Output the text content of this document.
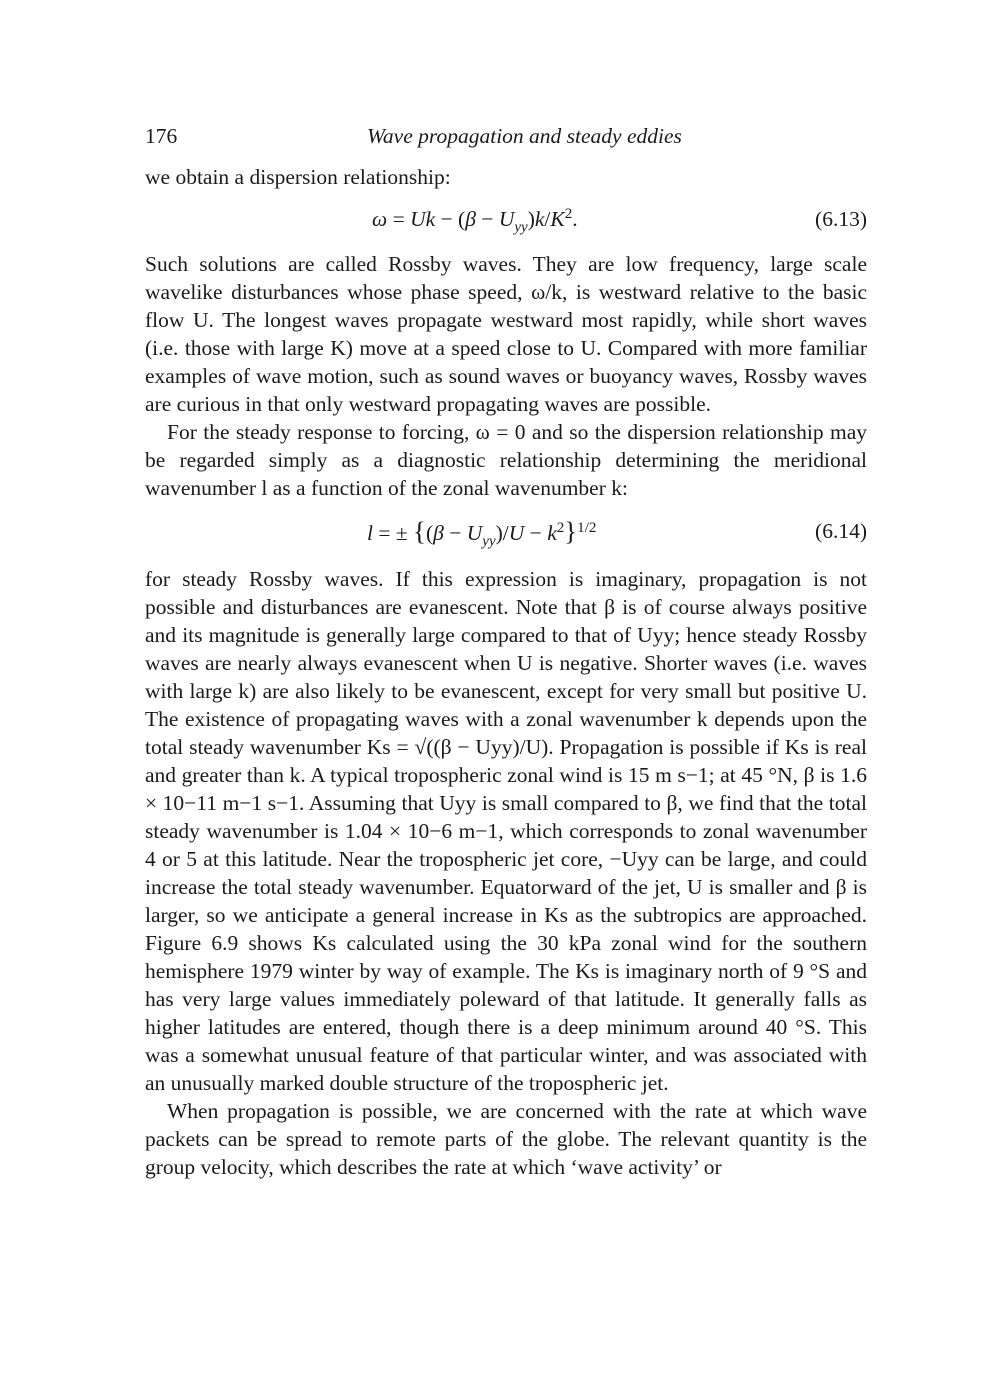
176	Wave propagation and steady eddies

we obtain a dispersion relationship:

$\omega = Uk - (\beta - U_{yy})k/K^2$.	(6.13)

Such solutions are called Rossby waves. They are low frequency, large scale wavelike disturbances whose phase speed, ω/k, is westward relative to the basic flow U. The longest waves propagate westward most rapidly, while short waves (i.e. those with large K) move at a speed close to U. Compared with more familiar examples of wave motion, such as sound waves or buoyancy waves, Rossby waves are curious in that only westward propagating waves are possible.

For the steady response to forcing, ω = 0 and so the dispersion relationship may be regarded simply as a diagnostic relationship determining the meridional wavenumber l as a function of the zonal wavenumber k:

l = ± $\{(\beta - U_{yy})/U - k^2\}^{1/2}$	(6.14)

for steady Rossby waves. If this expression is imaginary, propagation is not possible and disturbances are evanescent. Note that β is of course always positive and its magnitude is generally large compared to that of Uyy; hence steady Rossby waves are nearly always evanescent when U is negative. Shorter waves (i.e. waves with large k) are also likely to be evanescent, except for very small but positive U. The existence of propagating waves with a zonal wavenumber k depends upon the total steady wavenumber Ks = √((β − Uyy)/U). Propagation is possible if Ks is real and greater than k. A typical tropospheric zonal wind is 15 m s−1; at 45 °N, β is 1.6 × 10−11 m−1 s−1. Assuming that Uyy is small compared to β, we find that the total steady wavenumber is 1.04 × 10−6 m−1, which corresponds to zonal wavenumber 4 or 5 at this latitude. Near the tropospheric jet core, −Uyy can be large, and could increase the total steady wavenumber. Equatorward of the jet, U is smaller and β is larger, so we anticipate a general increase in Ks as the subtropics are approached. Figure 6.9 shows Ks calculated using the 30 kPa zonal wind for the southern hemisphere 1979 winter by way of example. The Ks is imaginary north of 9 °S and has very large values immediately poleward of that latitude. It generally falls as higher latitudes are entered, though there is a deep minimum around 40 °S. This was a somewhat unusual feature of that particular winter, and was associated with an unusually marked double structure of the tropospheric jet.

When propagation is possible, we are concerned with the rate at which wave packets can be spread to remote parts of the globe. The relevant quantity is the group velocity, which describes the rate at which ‘wave activity’ or
